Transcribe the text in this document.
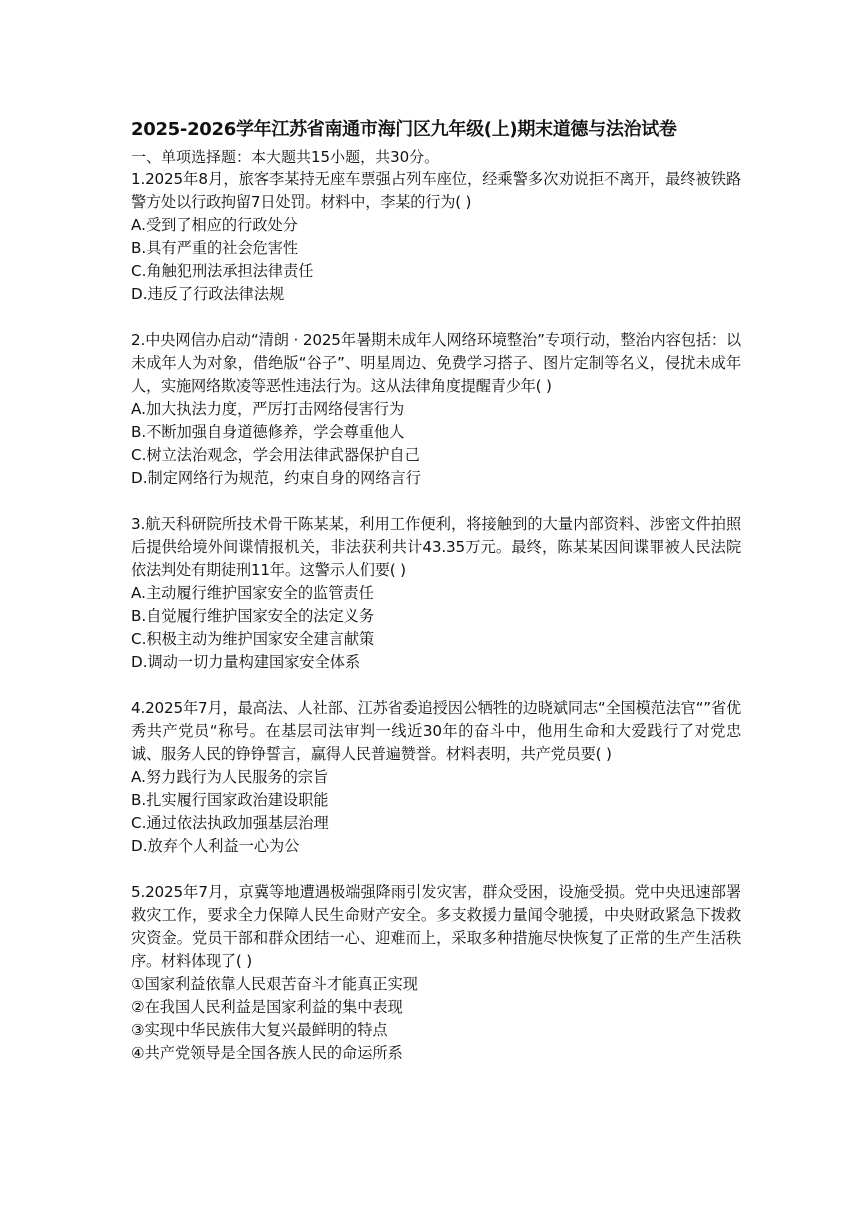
2025-2026学年江苏省南通市海门区九年级(上)期末道德与法治试卷
一、单项选择题：本大题共15小题，共30分。

1.2025年8月，旅客李某持无座车票强占列车座位，经乘警多次劝说拒不离开，最终被铁路警方处以行政拘留7日处罚。材料中，李某的行为( )

A.受到了相应的行政处分
B.具有严重的社会危害性
C.角触犯刑法承担法律责任
D.违反了行政法律法规

2.中央网信办启动“清朗 · 2025年暑期未成年人网络环境整治”专项行动，整治内容包括：以未成年人为对象，借绝版“谷子”、明星周边、免费学习搭子、图片定制等名义，侵扰未成年人，实施网络欺凌等恶性违法行为。这从法律角度提醒青少年( )

A.加大执法力度，严厉打击网络侵害行为
B.不断加强自身道德修养，学会尊重他人
C.树立法治观念，学会用法律武器保护自己
D.制定网络行为规范，约束自身的网络言行

3.航天科研院所技术骨干陈某某，利用工作便利，将接触到的大量内部资料、涉密文件拍照后提供给境外间谍情报机关，非法获利共计43.35万元。最终，陈某某因间谍罪被人民法院依法判处有期徒刑11年。这警示人们要( )

A.主动履行维护国家安全的监管责任
B.自觉履行维护国家安全的法定义务
C.积极主动为维护国家安全建言献策
D.调动一切力量构建国家安全体系

4.2025年7月，最高法、人社部、江苏省委追授因公牺牲的边晓斌同志“全国模范法官“”省优秀共产党员“称号。在基层司法审判一线近30年的奋斗中，他用生命和大爱践行了对党忠诚、服务人民的铮铮誓言，赢得人民普遍赞誉。材料表明，共产党员要( )

A.努力践行为人民服务的宗旨
B.扎实履行国家政治建设职能
C.通过依法执政加强基层治理
D.放弃个人利益一心为公

5.2025年7月，京冀等地遭遇极端强降雨引发灾害，群众受困，设施受损。党中央迅速部署救灾工作，要求全力保障人民生命财产安全。多支救援力量闻令驰援，中央财政紧急下拨救灾资金。党员干部和群众团结一心、迎难而上，采取多种措施尽快恢复了正常的生产生活秩序。材料体现了( )

①国家利益依靠人民艰苦奋斗才能真正实现
②在我国人民利益是国家利益的集中表现
③实现中华民族伟大复兴最鲜明的特点
④共产党领导是全国各族人民的命运所系
